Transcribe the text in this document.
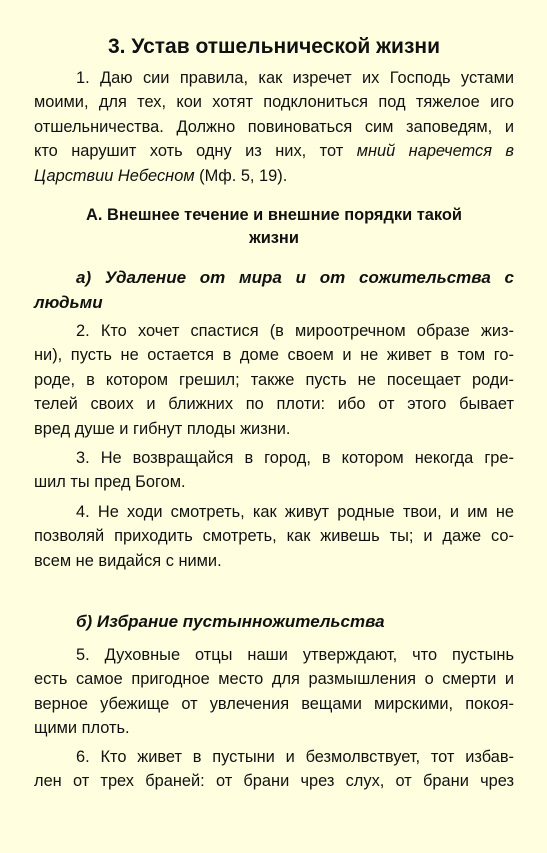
3. Устав отшельнической жизни

1. Даю сии правила, как изречет их Господь устами
моими, для тех, кои хотят подклониться под тяжелое иго
отшельничества. Должно повиноваться сим заповедям, и
кто нарушит хоть одну из них, тот мний наречется в
Царствии Небесном (Мф. 5, 19).

А. Внешнее течение и внешние порядки такой
жизни
а) Удаление от мира и от сожительства с
людьми

2. Кто хочет спастися (в мироотречном образе жиз-
ни), пусть не остается в доме своем и не живет в том го-
роде, в котором грешил; также пусть не посещает роди-
телей своих и ближних по плоти: ибо от этого бывает
вред душе и гибнут плоды жизни.

3. Не возвращайся в город, в котором некогда гре-
шил ты пред Богом.

4. Не ходи смотреть, как живут родные твои, и им не
позволяй приходить смотреть, как живешь ты; и даже со-
всем не видайся с ними.

б) Избрание пустынножительства

5. Духовные отцы наши утверждают, что пустынь
есть самое пригодное место для размышления о смерти и
верное убежище от увлечения вещами мирскими, покоя-
щими плоть.

6. Кто живет в пустыни и безмолвствует, тот избав-
лен от трех браней: от брани чрез слух, от брани чрез
